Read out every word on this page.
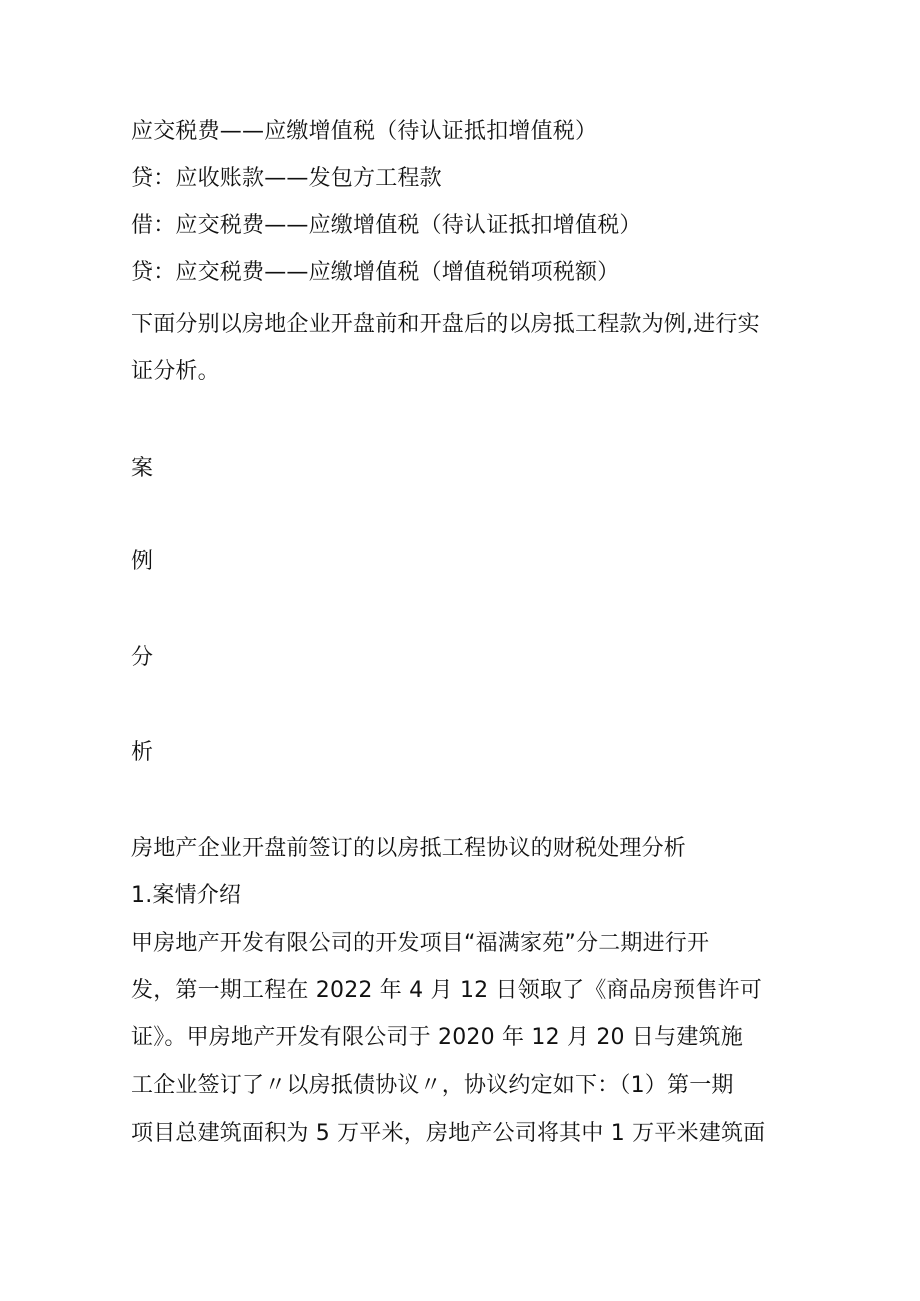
应交税费——应缴增值税（待认证抵扣增值税）
贷：应收账款——发包方工程款
借：应交税费——应缴增值税（待认证抵扣增值税）
贷：应交税费——应缴增值税（增值税销项税额）
下面分别以房地企业开盘前和开盘后的以房抵工程款为例,进行实
证分析。
案
例
分
析
房地产企业开盘前签订的以房抵工程协议的财税处理分析
1.案情介绍
甲房地产开发有限公司的开发项目“福满家苑”分二期进行开
发，第一期工程在 2022 年 4 月 12 日领取了《商品房预售许可
证》。甲房地产开发有限公司于 2020 年 12 月 20 日与建筑施
工企业签订了〃以房抵债协议〃，协议约定如下：（1）第一期
项目总建筑面积为 5 万平米，房地产公司将其中 1 万平米建筑面
